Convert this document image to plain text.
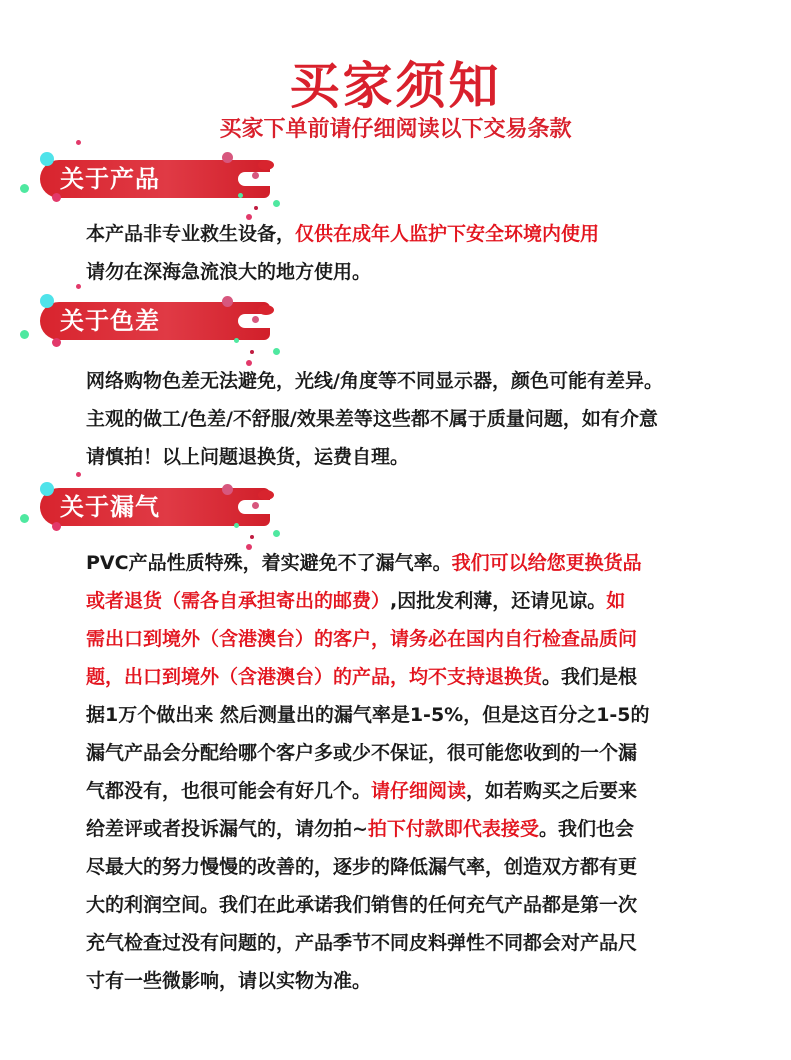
买家须知
买家下单前请仔细阅读以下交易条款
关于产品
本产品非专业救生设备，仅供在成年人监护下安全环境内使用
请勿在深海急流浪大的地方使用。
关于色差
网络购物色差无法避免，光线/角度等不同显示器，颜色可能有差异。
主观的做工/色差/不舒服/效果差等这些都不属于质量问题，如有介意
请慎拍！以上问题退换货，运费自理。
关于漏气
PVC产品性质特殊，着实避免不了漏气率。我们可以给您更换货品
或者退货（需各自承担寄出的邮费）,因批发利薄，还请见谅。如
需出口到境外（含港澳台）的客户，请务必在国内自行检查品质问
题，出口到境外（含港澳台）的产品，均不支持退换货。我们是根
据1万个做出来 然后测量出的漏气率是1-5%，但是这百分之1-5的
漏气产品会分配给哪个客户多或少不保证，很可能您收到的一个漏
气都没有，也很可能会有好几个。请仔细阅读，如若购买之后要来
给差评或者投诉漏气的，请勿拍~拍下付款即代表接受。我们也会
尽最大的努力慢慢的改善的，逐步的降低漏气率，创造双方都有更
大的利润空间。我们在此承诺我们销售的任何充气产品都是第一次
充气检查过没有问题的，产品季节不同皮料弹性不同都会对产品尺
寸有一些微影响，请以实物为准。
